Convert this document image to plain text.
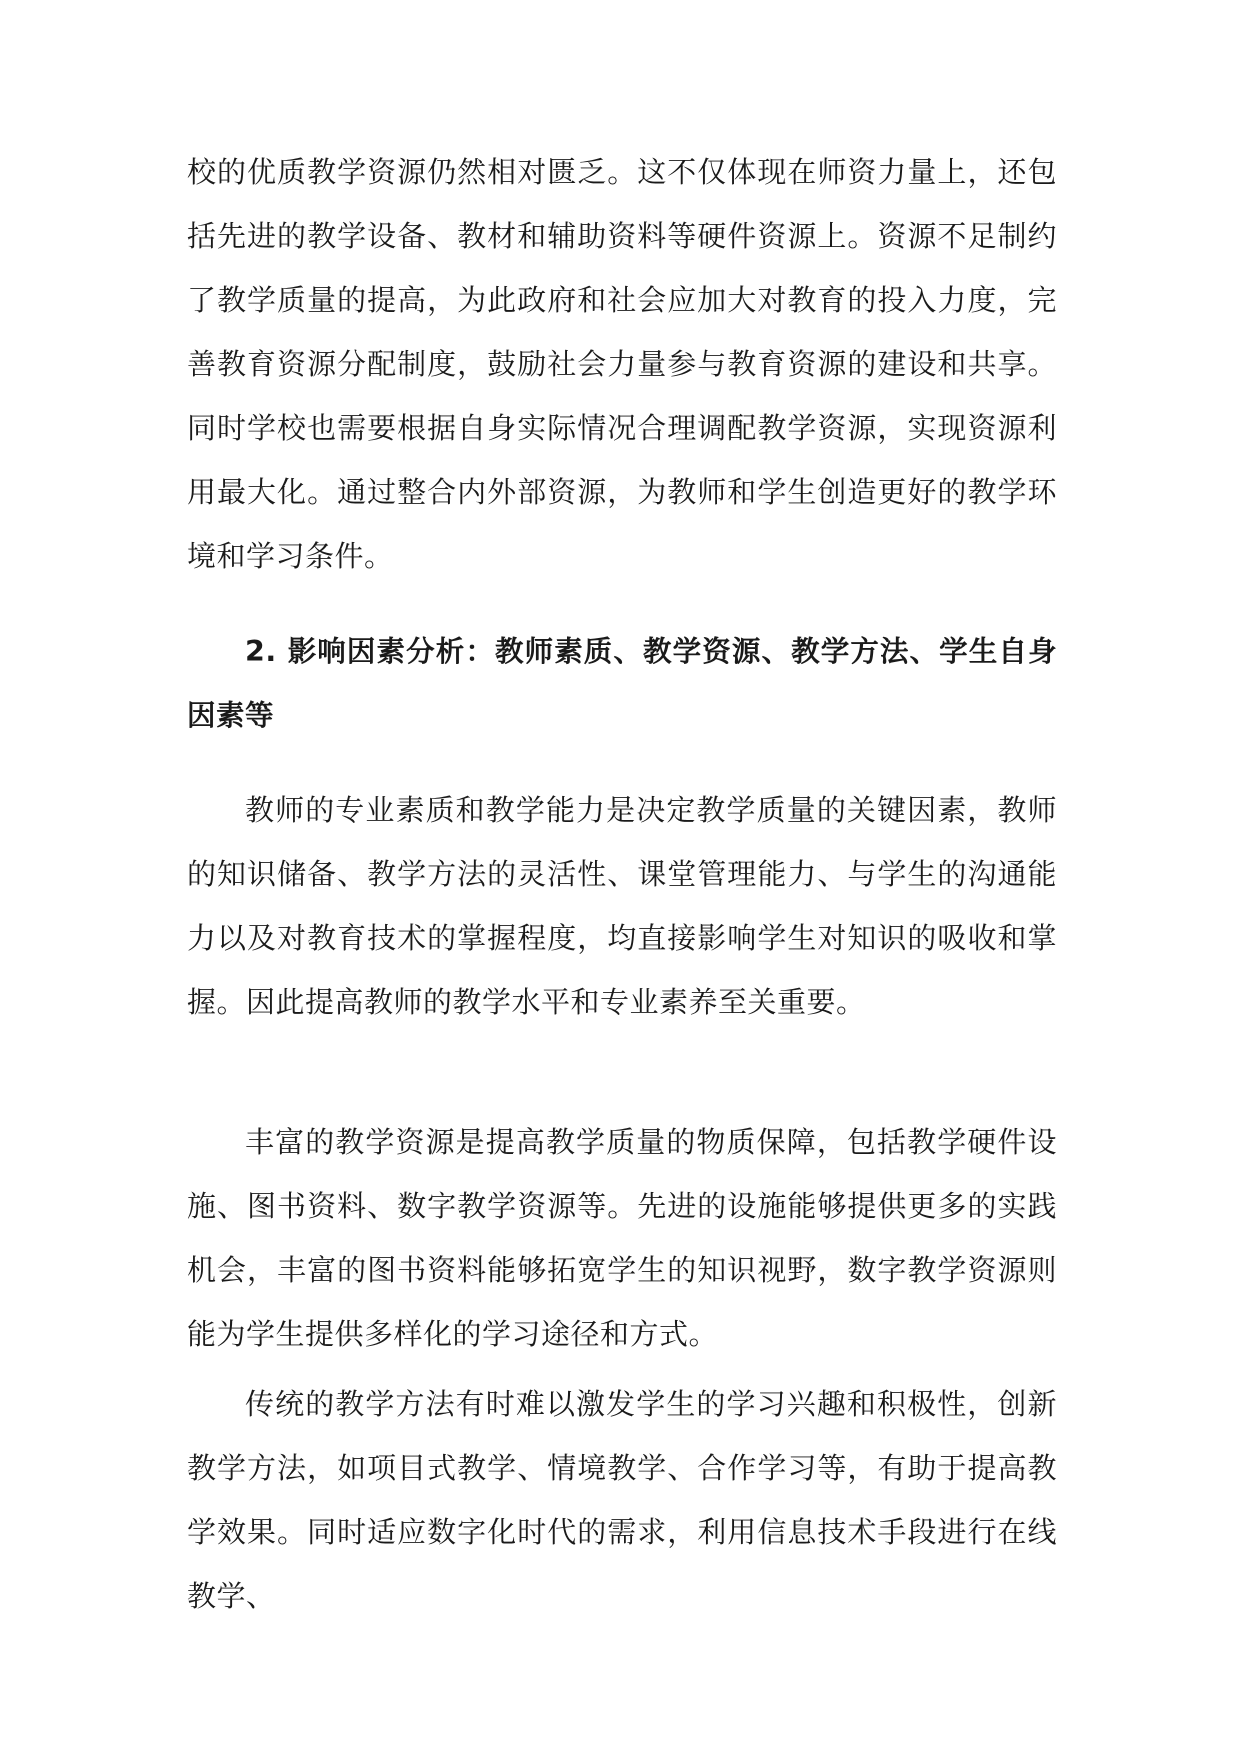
校的优质教学资源仍然相对匮乏。这不仅体现在师资力量上，还包括先进的教学设备、教材和辅助资料等硬件资源上。资源不足制约了教学质量的提高，为此政府和社会应加大对教育的投入力度，完善教育资源分配制度，鼓励社会力量参与教育资源的建设和共享。同时学校也需要根据自身实际情况合理调配教学资源，实现资源利用最大化。通过整合内外部资源，为教师和学生创造更好的教学环境和学习条件。

2. 影响因素分析：教师素质、教学资源、教学方法、学生自身因素等

教师的专业素质和教学能力是决定教学质量的关键因素，教师的知识储备、教学方法的灵活性、课堂管理能力、与学生的沟通能力以及对教育技术的掌握程度，均直接影响学生对知识的吸收和掌握。因此提高教师的教学水平和专业素养至关重要。

丰富的教学资源是提高教学质量的物质保障，包括教学硬件设施、图书资料、数字教学资源等。先进的设施能够提供更多的实践机会，丰富的图书资料能够拓宽学生的知识视野，数字教学资源则能为学生提供多样化的学习途径和方式。

传统的教学方法有时难以激发学生的学习兴趣和积极性，创新教学方法，如项目式教学、情境教学、合作学习等，有助于提高教学效果。同时适应数字化时代的需求，利用信息技术手段进行在线教学、
